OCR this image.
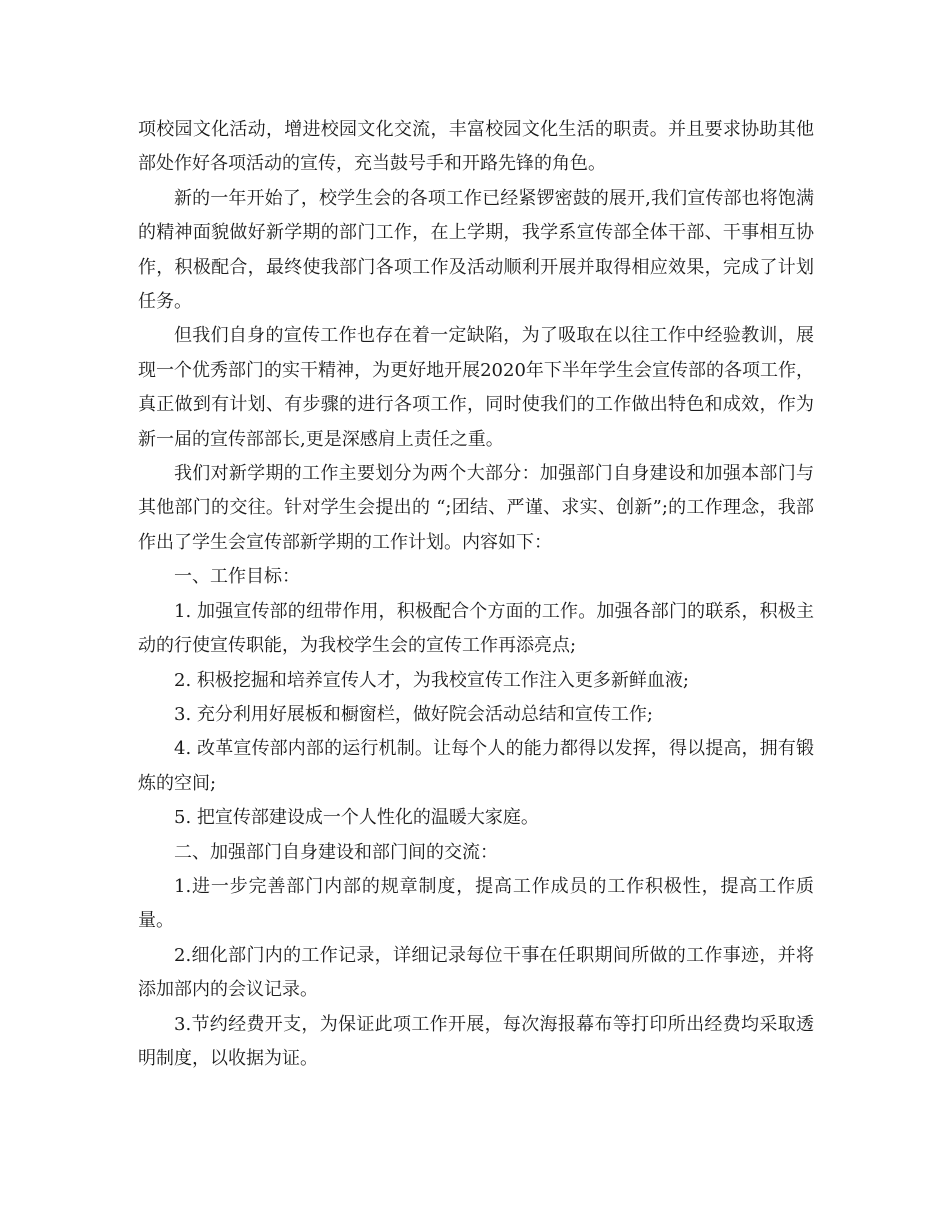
项校园文化活动，增进校园文化交流，丰富校园文化生活的职责。并且要求协助其他部处作好各项活动的宣传，充当鼓号手和开路先锋的角色。

新的一年开始了，校学生会的各项工作已经紧锣密鼓的展开,我们宣传部也将饱满的精神面貌做好新学期的部门工作，在上学期，我学系宣传部全体干部、干事相互协作，积极配合，最终使我部门各项工作及活动顺利开展并取得相应效果，完成了计划任务。

但我们自身的宣传工作也存在着一定缺陷，为了吸取在以往工作中经验教训，展现一个优秀部门的实干精神，为更好地开展2020年下半年学生会宣传部的各项工作，真正做到有计划、有步骤的进行各项工作，同时使我们的工作做出特色和成效，作为新一届的宣传部部长,更是深感肩上责任之重。

我们对新学期的工作主要划分为两个大部分：加强部门自身建设和加强本部门与其他部门的交往。针对学生会提出的 “;团结、严谨、求实、创新”;的工作理念，我部作出了学生会宣传部新学期的工作计划。内容如下：

一、工作目标：

1. 加强宣传部的纽带作用，积极配合个方面的工作。加强各部门的联系，积极主动的行使宣传职能，为我校学生会的宣传工作再添亮点;

2. 积极挖掘和培养宣传人才，为我校宣传工作注入更多新鲜血液;

3. 充分利用好展板和橱窗栏，做好院会活动总结和宣传工作;

4. 改革宣传部内部的运行机制。让每个人的能力都得以发挥，得以提高，拥有锻炼的空间;

5. 把宣传部建设成一个人性化的温暖大家庭。

二、加强部门自身建设和部门间的交流：

1.进一步完善部门内部的规章制度，提高工作成员的工作积极性，提高工作质量。

2.细化部门内的工作记录，详细记录每位干事在任职期间所做的工作事迹，并将添加部内的会议记录。

3.节约经费开支，为保证此项工作开展，每次海报幕布等打印所出经费均采取透明制度，以收据为证。
